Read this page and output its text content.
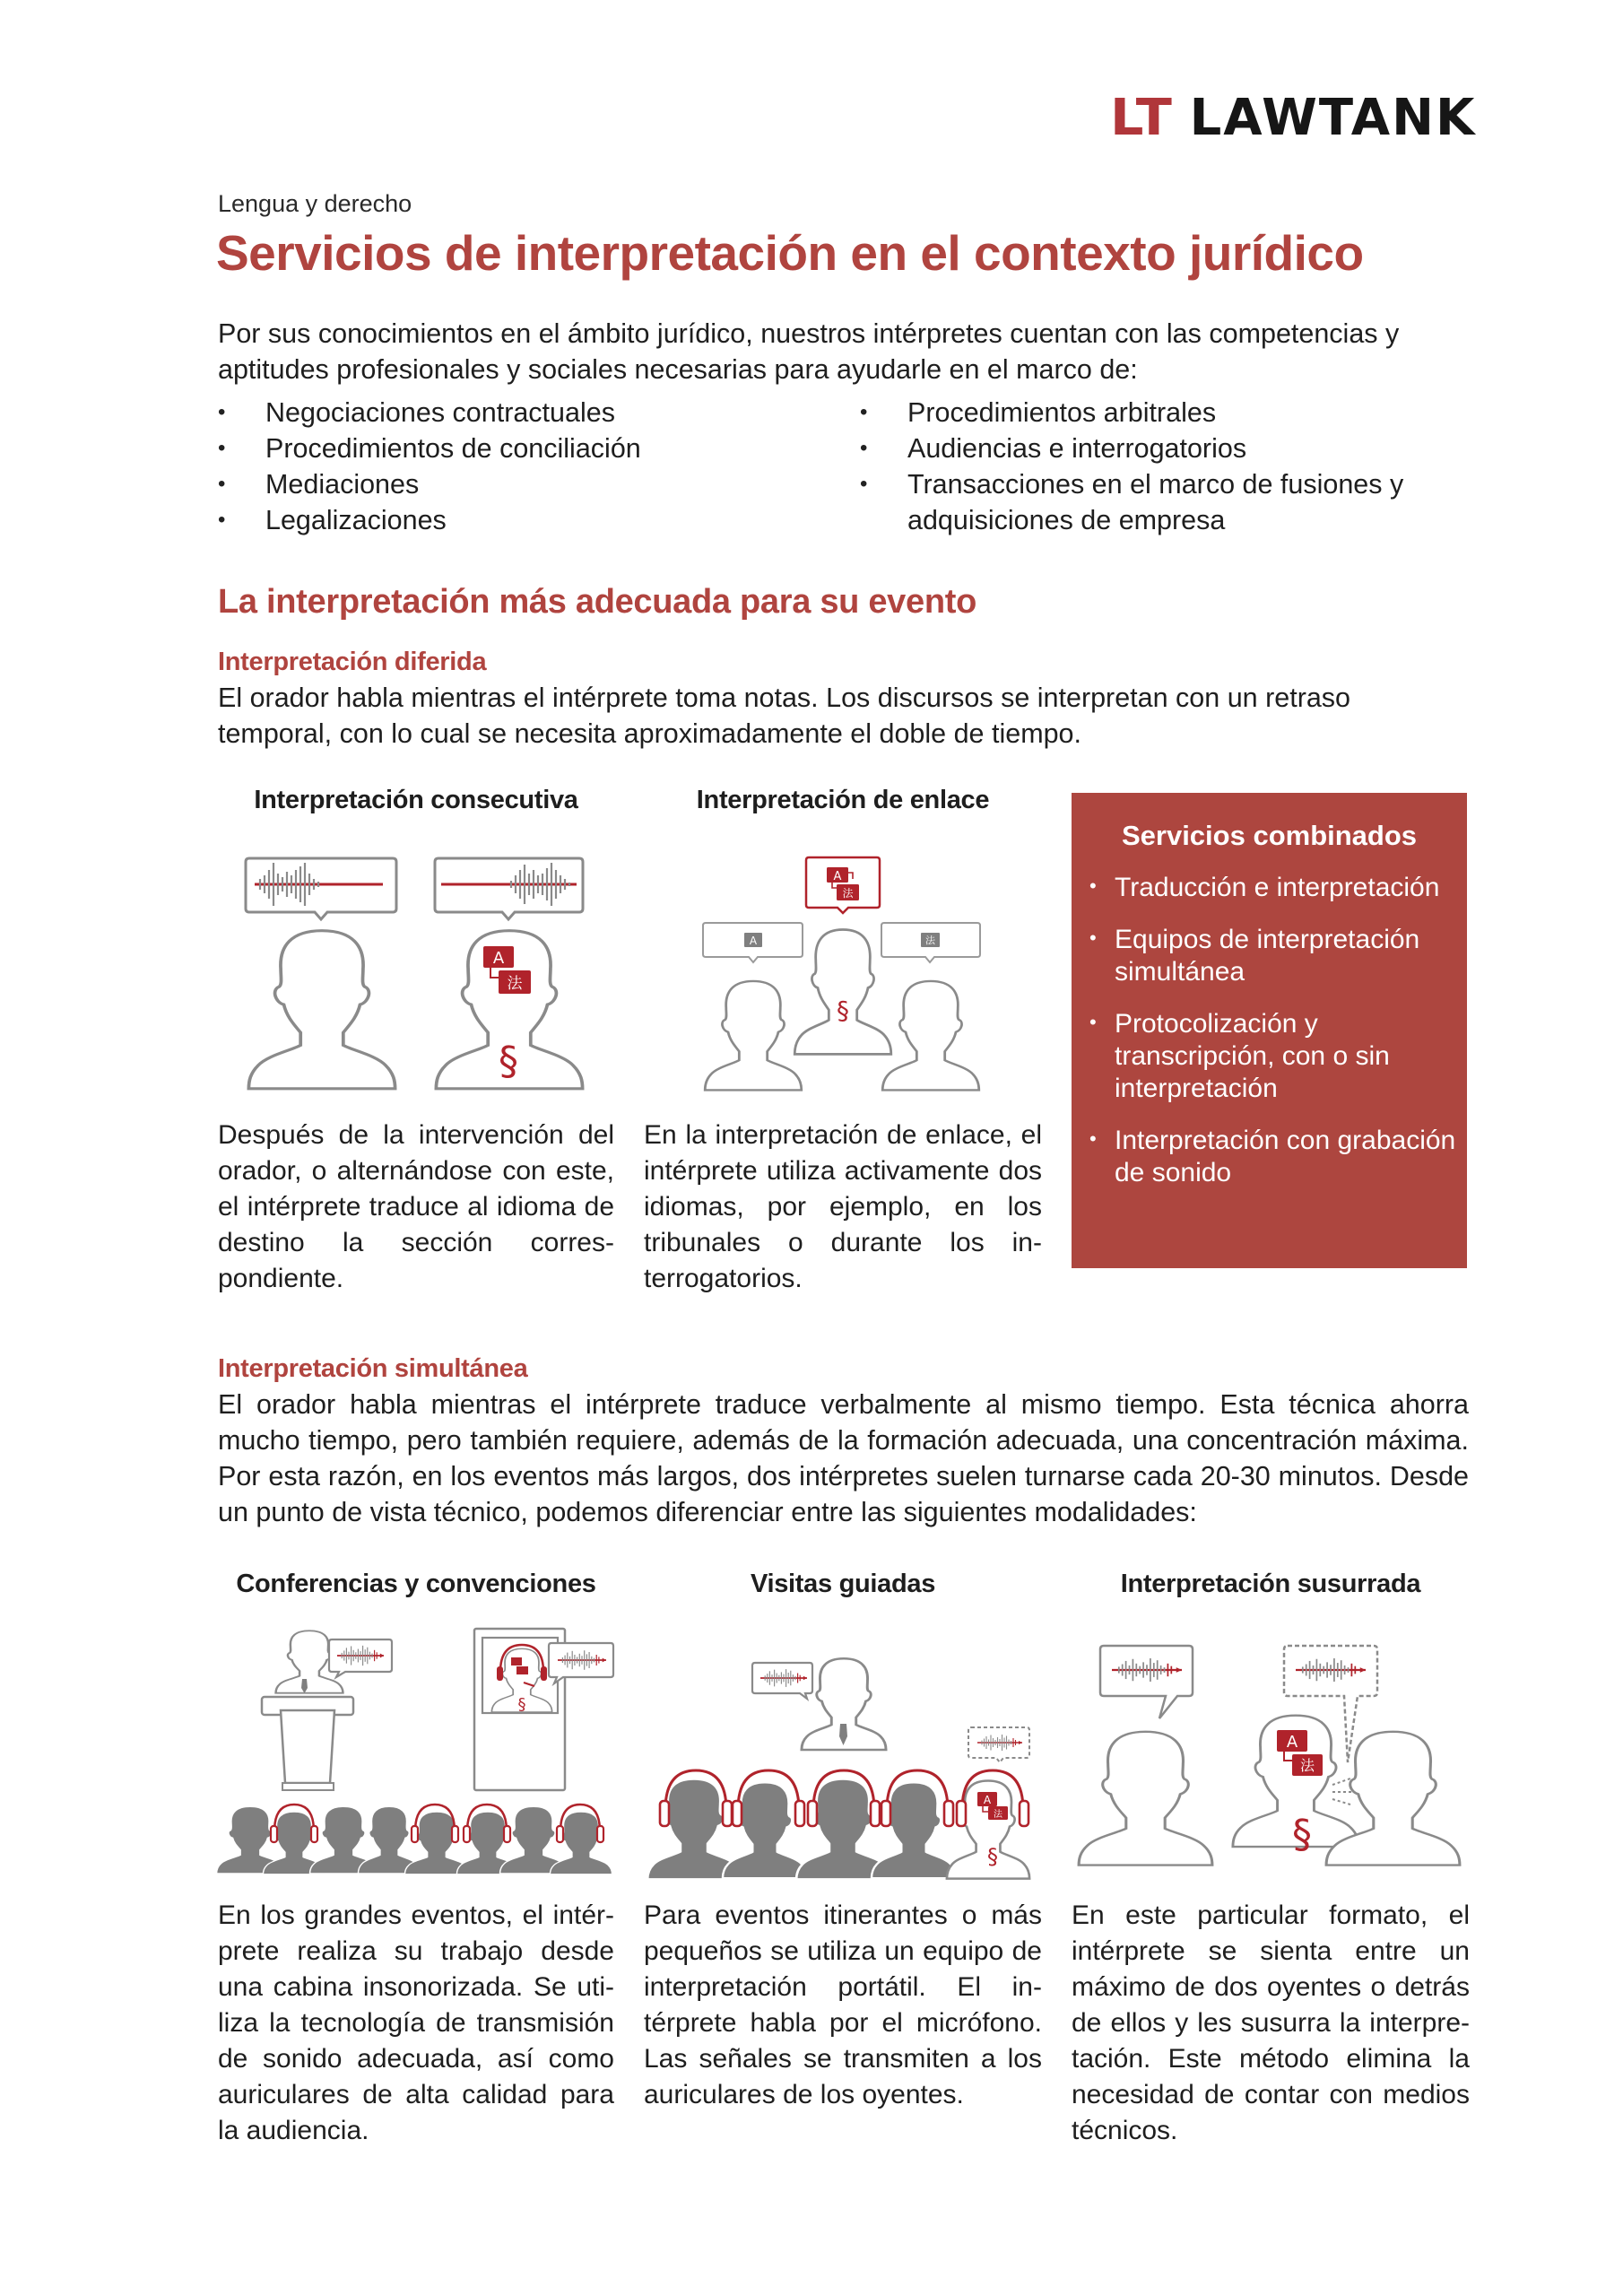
LT LAWTANK
Lengua y derecho
Servicios de interpretación en el contexto jurídico

Por sus conocimientos en el ámbito jurídico, nuestros intérpretes cuentan con las competencias y aptitudes profesionales y sociales necesarias para ayudarle en el marco de:

• Negociaciones contractuales
• Procedimientos de conciliación
• Mediaciones
• Legalizaciones
• Procedimientos arbitrales
• Audiencias e interrogatorios
• Transacciones en el marco de fusiones y adquisiciones de empresa
La interpretación más adecuada para su evento
Interpretación diferida

El orador habla mientras el intérprete toma notas. Los discursos se interpretan con un retraso temporal, con lo cual se necesita aproximadamente el doble de tiempo.

Interpretación consecutiva	Interpretación de enlace
A
法
§
A
法
A	法
§

Después de la intervención del orador, o alternándose con este, el intérprete traduce al idioma de destino la sección correspondiente.

En la interpretación de enlace, el intérprete utiliza activamente dos idiomas, por ejemplo, en los tribunales o durante los interrogatorios.

Servicios combinados
• Traducción e interpretación
• Equipos de interpretación simultánea
• Protocolización y transcripción, con o sin interpretación
• Interpretación con grabación de sonido
Interpretación simultánea

El orador habla mientras el intérprete traduce verbalmente al mismo tiempo. Esta técnica ahorra mucho tiempo, pero también requiere, además de la formación adecuada, una concentración máxima. Por esta razón, en los eventos más largos, dos intérpretes suelen turnarse cada 20-30 minutos. Desde un punto de vista técnico, podemos diferenciar entre las siguientes modalidades:

Conferencias y convenciones	Visitas guiadas	Interpretación susurrada
§
A
法
§
A
法
§

En los grandes eventos, el intérprete realiza su trabajo desde una cabina insonorizada. Se utiliza la tecnología de transmisión de sonido adecuada, así como auriculares de alta calidad para la audiencia.

Para eventos itinerantes o más pequeños se utiliza un equipo de interpretación portátil. El intérprete habla por el micrófono. Las señales se transmiten a los auriculares de los oyentes.

En este particular formato, el intérprete se sienta entre un máximo de dos oyentes o detrás de ellos y les susurra la interpretación. Este método elimina la necesidad de contar con medios técnicos.
